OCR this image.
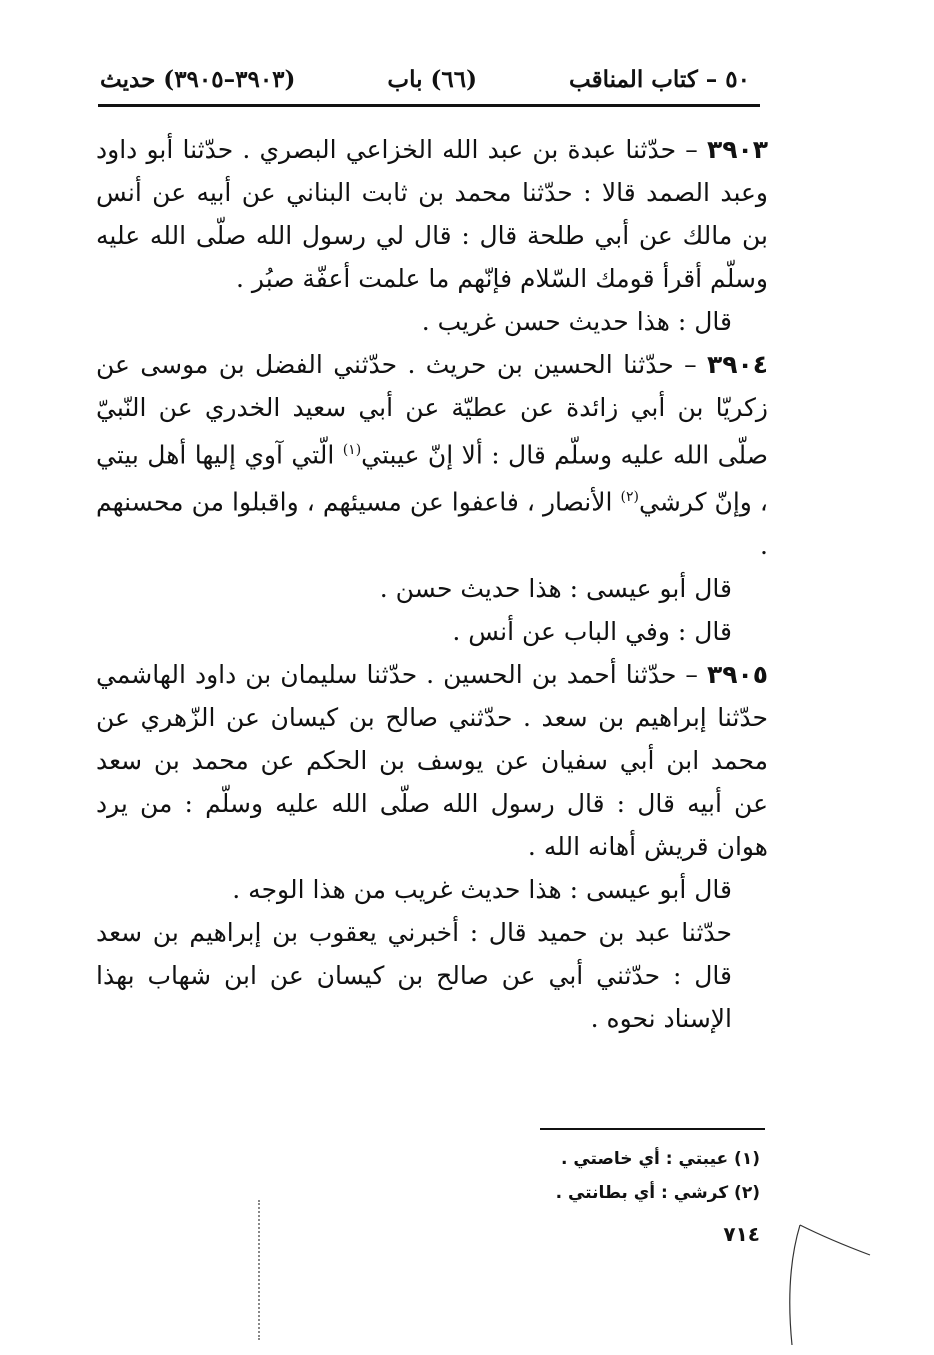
٥٠ – كتاب المناقب
(٦٦) باب
(٣٩٠٣–٣٩٠٥) حديث

٣٩٠٣ – حدّثنا عبدة بن عبد الله الخزاعي البصري . حدّثنا أبو داود وعبد الصمد قالا : حدّثنا محمد بن ثابت البناني عن أبيه عن أنس بن مالك عن أبي طلحة قال : قال لي رسول الله صلّى الله عليه وسلّم أقرأ قومك السّلام فإنّهم ما علمت أعفّة صبُر .

قال : هذا حديث حسن غريب .

٣٩٠٤ – حدّثنا الحسين بن حريث . حدّثني الفضل بن موسى عن زكريّا بن أبي زائدة عن عطيّة عن أبي سعيد الخدري عن النّبيّ صلّى الله عليه وسلّم قال : ألا إنّ عيبتي$^{(١)}$ الّتي آوي إليها أهل بيتي ، وإنّ كرشي$^{(٢)}$ الأنصار ، فاعفوا عن مسيئهم ، واقبلوا من محسنهم .

قال أبو عيسى : هذا حديث حسن .

قال : وفي الباب عن أنس .

٣٩٠٥ – حدّثنا أحمد بن الحسين . حدّثنا سليمان بن داود الهاشمي حدّثنا إبراهيم بن سعد . حدّثني صالح بن كيسان عن الزّهري عن محمد ابن أبي سفيان عن يوسف بن الحكم عن محمد بن سعد عن أبيه قال : قال رسول الله صلّى الله عليه وسلّم : من يرد هوان قريش أهانه الله .

قال أبو عيسى : هذا حديث غريب من هذا الوجه .

حدّثنا عبد بن حميد قال : أخبرني يعقوب بن إبراهيم بن سعد قال : حدّثني أبي عن صالح بن كيسان عن ابن شهاب بهذا الإسناد نحوه .

(١) عيبتي : أي خاصتي .

(٢) كرشي : أي بطانتي .

٧١٤
